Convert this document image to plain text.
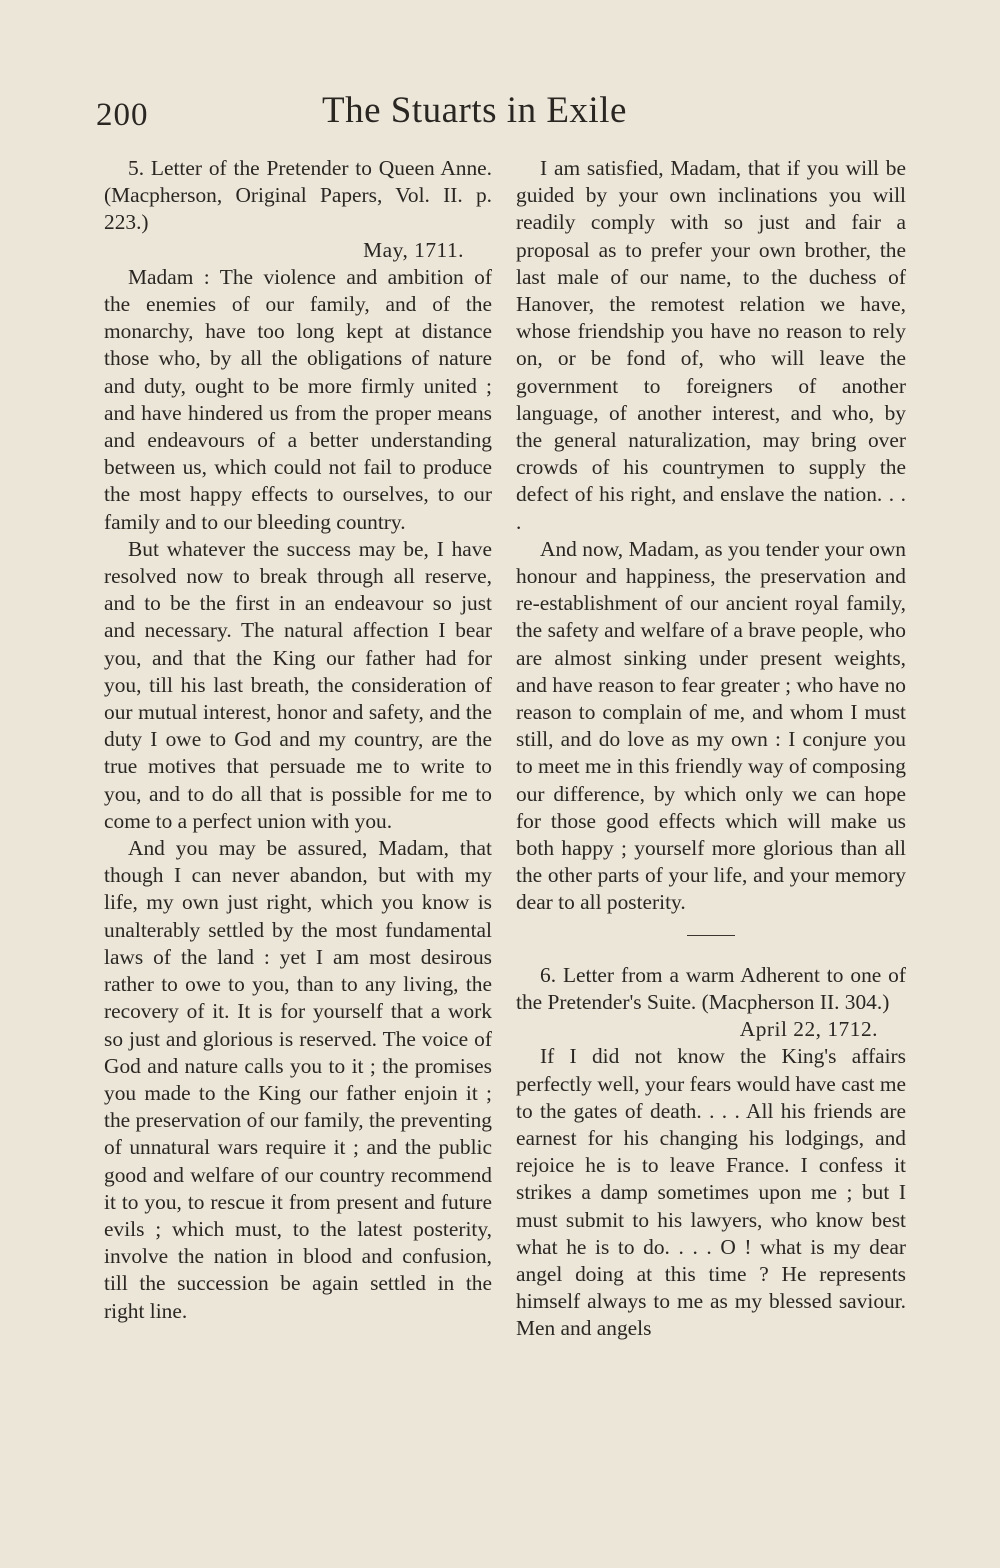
200	The Stuarts in Exile

5. Letter of the Pretender to Queen Anne. (Macpherson, Original Papers, Vol. II. p. 223.)

May, 1711.

Madam : The violence and ambition of the enemies of our family, and of the monarchy, have too long kept at distance those who, by all the obligations of nature and duty, ought to be more firmly united ; and have hindered us from the proper means and endeavours of a better understanding between us, which could not fail to produce the most happy effects to ourselves, to our family and to our bleeding country.

But whatever the success may be, I have resolved now to break through all reserve, and to be the first in an endeavour so just and necessary. The natural affection I bear you, and that the King our father had for you, till his last breath, the consideration of our mutual interest, honor and safety, and the duty I owe to God and my country, are the true motives that persuade me to write to you, and to do all that is possible for me to come to a perfect union with you.

And you may be assured, Madam, that though I can never abandon, but with my life, my own just right, which you know is unalterably settled by the most fundamental laws of the land : yet I am most desirous rather to owe to you, than to any living, the recovery of it. It is for yourself that a work so just and glorious is reserved. The voice of God and nature calls you to it ; the promises you made to the King our father enjoin it ; the preservation of our family, the preventing of unnatural wars require it ; and the public good and welfare of our country recommend it to you, to rescue it from present and future evils ; which must, to the latest posterity, involve the nation in blood and confusion, till the succession be again settled in the right line.

I am satisfied, Madam, that if you will be guided by your own inclinations you will readily comply with so just and fair a proposal as to prefer your own brother, the last male of our name, to the duchess of Hanover, the remotest relation we have, whose friendship you have no reason to rely on, or be fond of, who will leave the government to foreigners of another language, of another interest, and who, by the general naturalization, may bring over crowds of his countrymen to supply the defect of his right, and enslave the nation. . . .

And now, Madam, as you tender your own honour and happiness, the preservation and re-establishment of our ancient royal family, the safety and welfare of a brave people, who are almost sinking under present weights, and have reason to fear greater ; who have no reason to complain of me, and whom I must still, and do love as my own : I conjure you to meet me in this friendly way of composing our difference, by which only we can hope for those good effects which will make us both happy ; yourself more glorious than all the other parts of your life, and your memory dear to all posterity.

6. Letter from a warm Adherent to one of the Pretender's Suite. (Macpherson II. 304.)

April 22, 1712.

If I did not know the King's affairs perfectly well, your fears would have cast me to the gates of death. . . . All his friends are earnest for his changing his lodgings, and rejoice he is to leave France. I confess it strikes a damp sometimes upon me ; but I must submit to his lawyers, who know best what he is to do. . . . O ! what is my dear angel doing at this time ? He represents himself always to me as my blessed saviour. Men and angels
